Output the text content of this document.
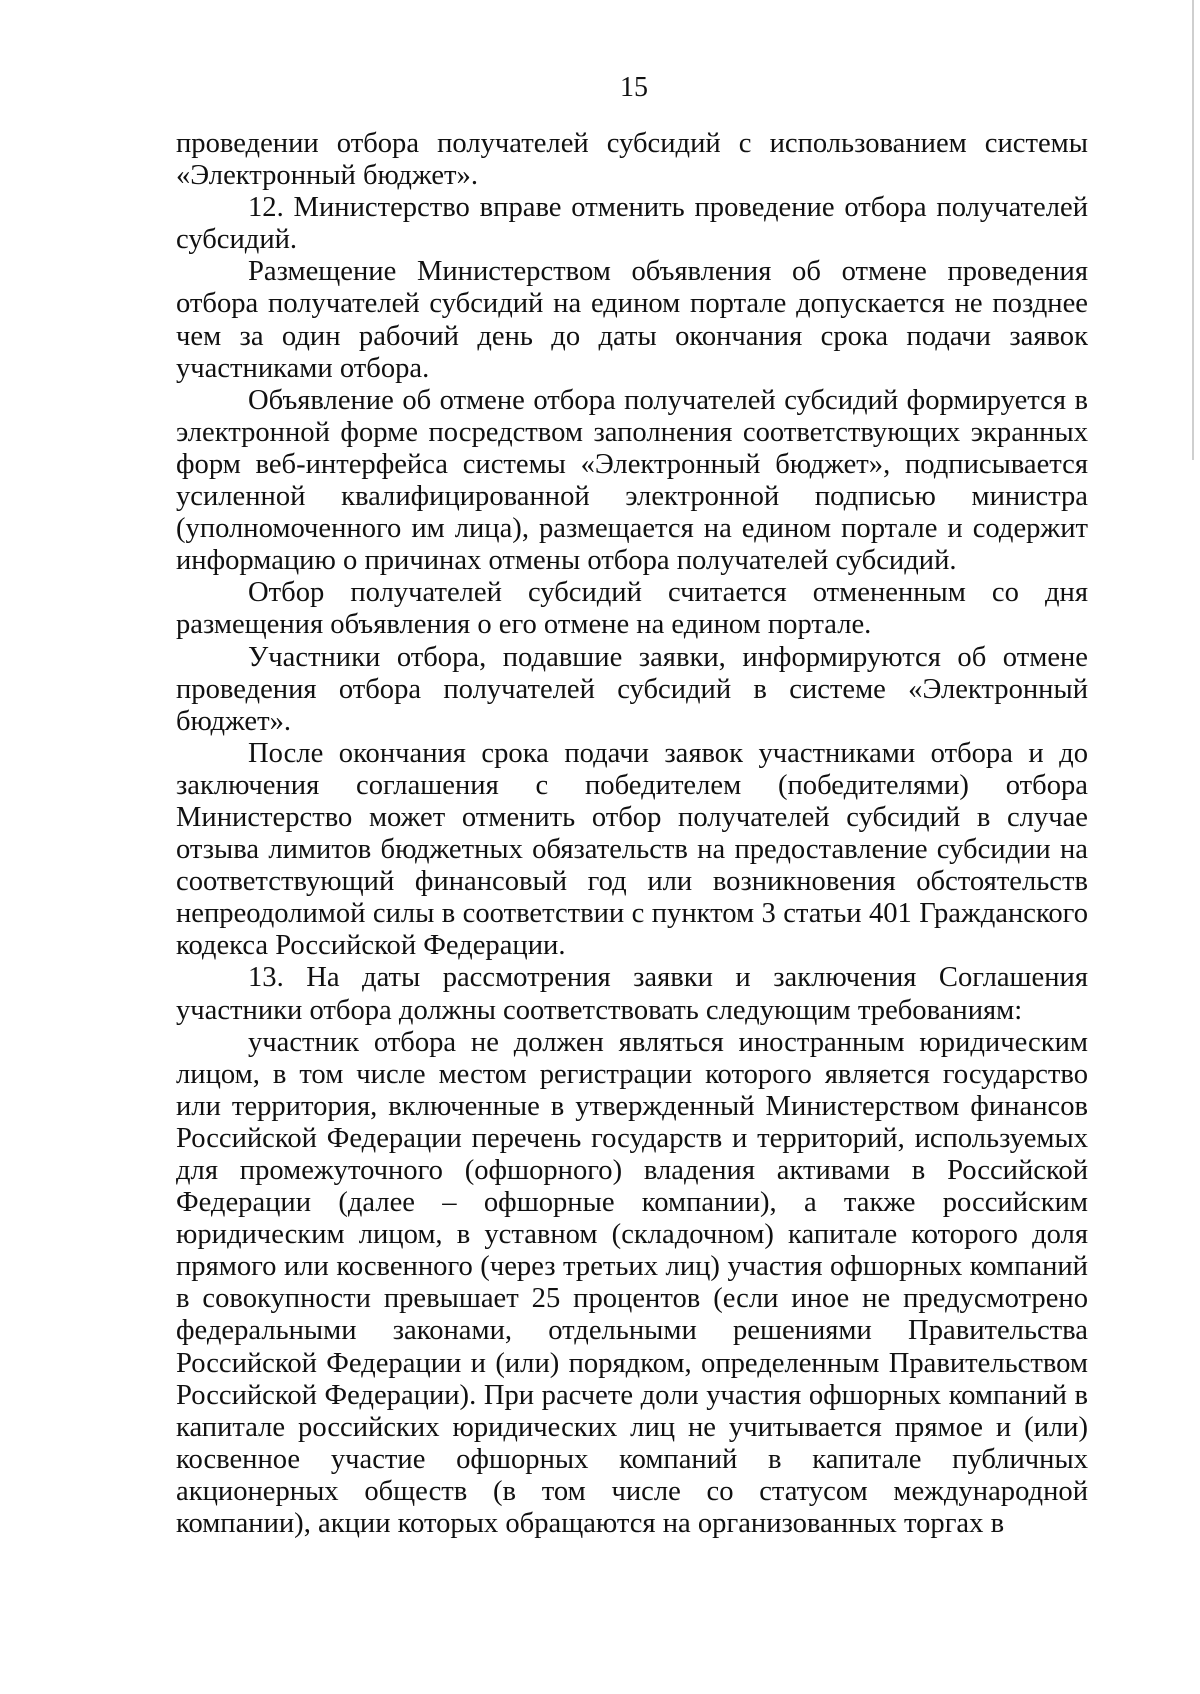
15

проведении отбора получателей субсидий с использованием системы «Электронный бюджет».

12. Министерство вправе отменить проведение отбора получателей субсидий.

Размещение Министерством объявления об отмене проведения отбора получателей субсидий на едином портале допускается не позднее чем за один рабочий день до даты окончания срока подачи заявок участниками отбора.

Объявление об отмене отбора получателей субсидий формируется в электронной форме посредством заполнения соответствующих экранных форм веб-интерфейса системы «Электронный бюджет», подписывается усиленной квалифицированной электронной подписью министра (уполномоченного им лица), размещается на едином портале и содержит информацию о причинах отмены отбора получателей субсидий.

Отбор получателей субсидий считается отмененным со дня размещения объявления о его отмене на едином портале.

Участники отбора, подавшие заявки, информируются об отмене проведения отбора получателей субсидий в системе «Электронный бюджет».

После окончания срока подачи заявок участниками отбора и до заключения соглашения с победителем (победителями) отбора Министерство может отменить отбор получателей субсидий в случае отзыва лимитов бюджетных обязательств на предоставление субсидии на соответствующий финансовый год или возникновения обстоятельств непреодолимой силы в соответствии с пунктом 3 статьи 401 Гражданского кодекса Российской Федерации.

13. На даты рассмотрения заявки и заключения Соглашения участники отбора должны соответствовать следующим требованиям:

участник отбора не должен являться иностранным юридическим лицом, в том числе местом регистрации которого является государство или территория, включенные в утвержденный Министерством финансов Российской Федерации перечень государств и территорий, используемых для промежуточного (офшорного) владения активами в Российской Федерации (далее – офшорные компании), а также российским юридическим лицом, в уставном (складочном) капитале которого доля прямого или косвенного (через третьих лиц) участия офшорных компаний в совокупности превышает 25 процентов (если иное не предусмотрено федеральными законами, отдельными решениями Правительства Российской Федерации и (или) порядком, определенным Правительством Российской Федерации). При расчете доли участия офшорных компаний в капитале российских юридических лиц не учитывается прямое и (или) косвенное участие офшорных компаний в капитале публичных акционерных обществ (в том числе со статусом международной компании), акции которых обращаются на организованных торгах в
